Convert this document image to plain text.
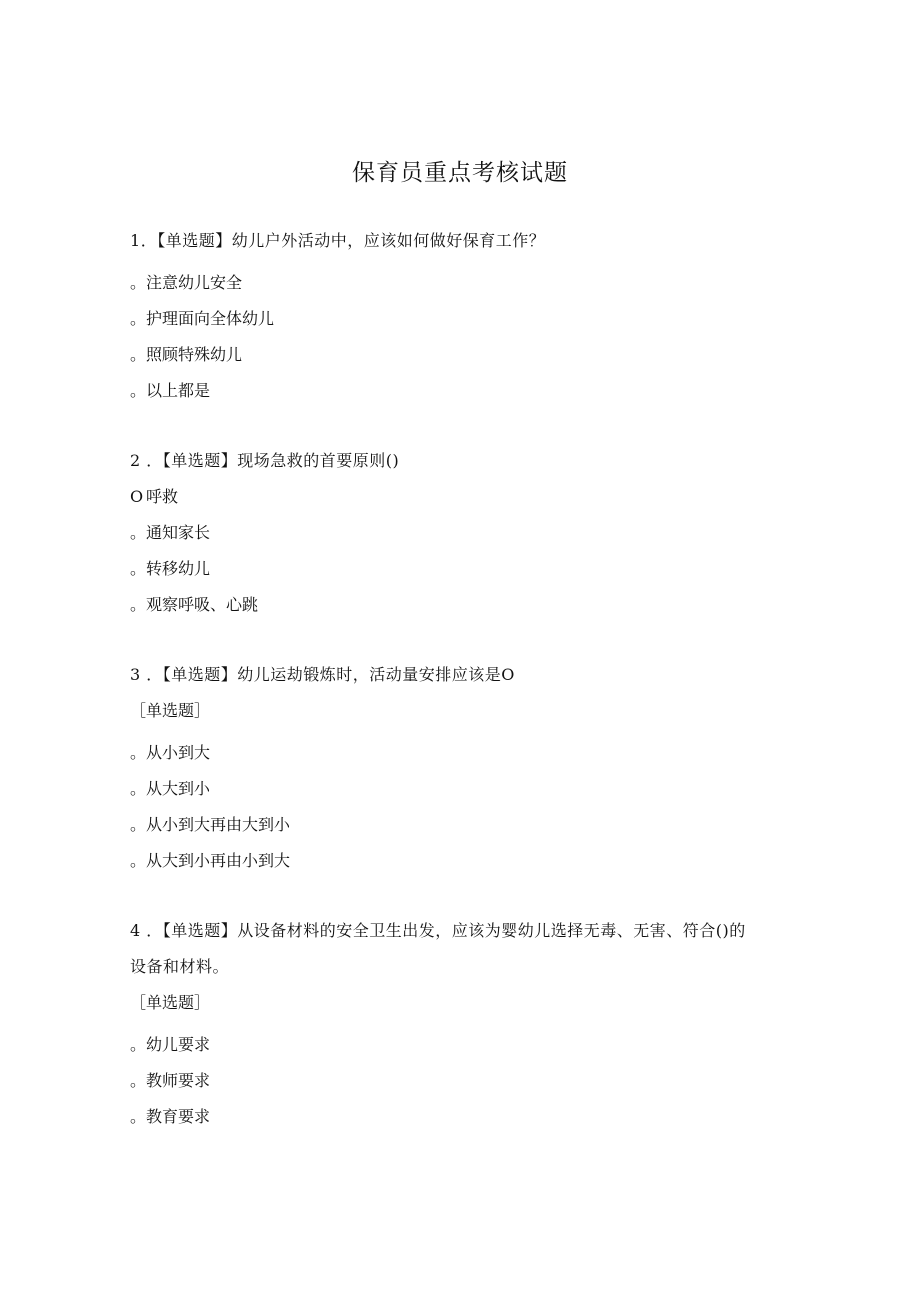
保育员重点考核试题
1．【单选题】幼儿户外活动中，应该如何做好保育工作？
。注意幼儿安全
。护理面向全体幼儿
。照顾特殊幼儿
。以上都是
2 ．【单选题】现场急救的首要原则()
O 呼救
。通知家长
。转移幼儿
。观察呼吸、心跳
3 ．【单选题】幼儿运劫锻炼时，活动量安排应该是O
［单选题］
。从小到大
。从大到小
。从小到大再由大到小
。从大到小再由小到大
4 ．【单选题】从设备材料的安全卫生出发，应该为婴幼儿选择无毒、无害、符合()的
设备和材料。
［单选题］
。幼儿要求
。教师要求
。教育要求
